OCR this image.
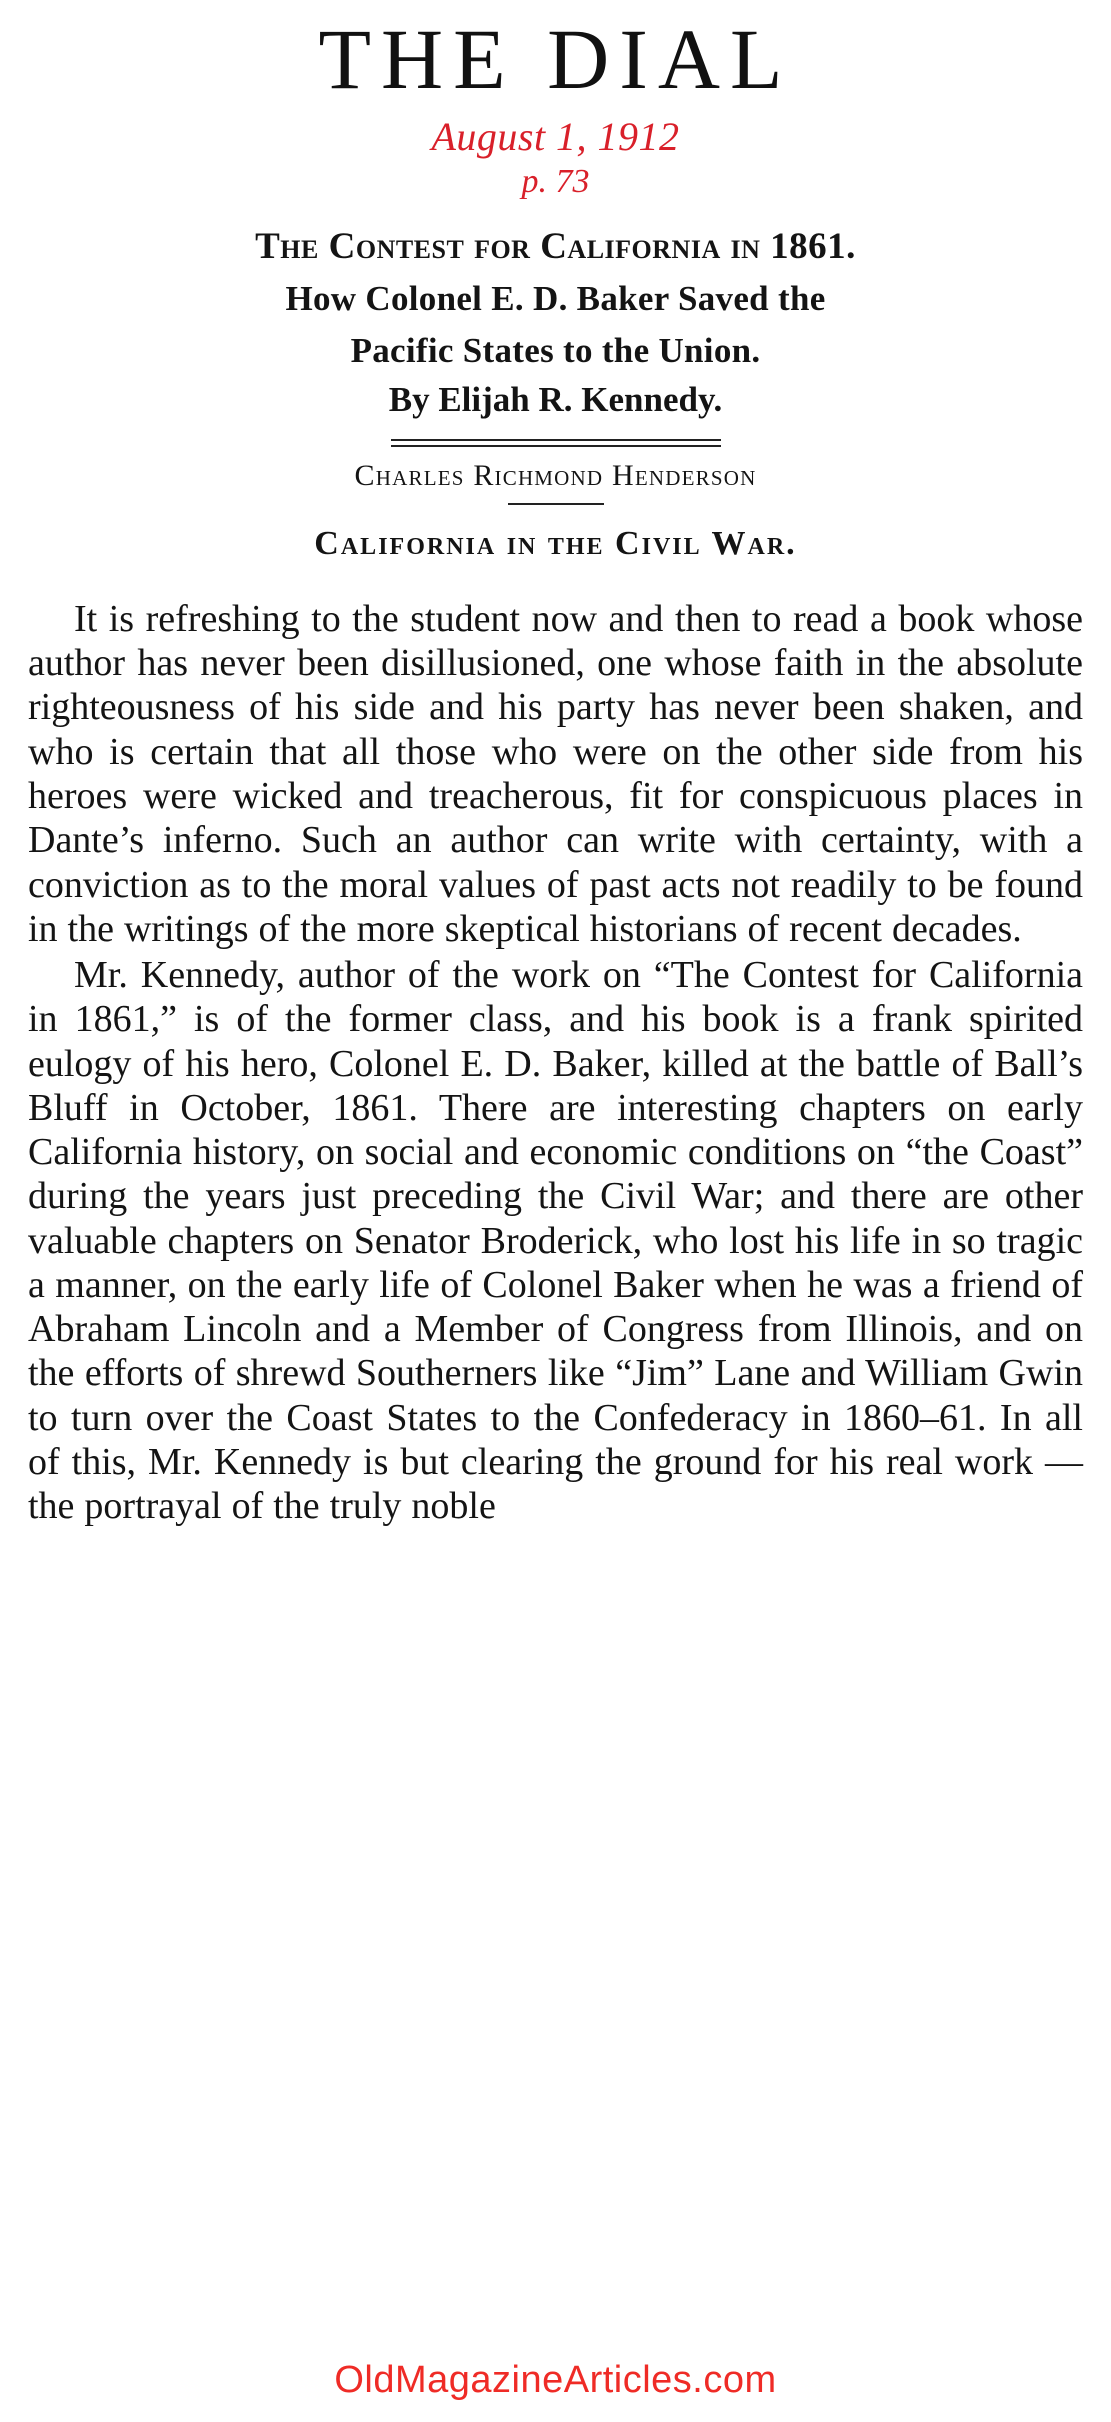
THE DIAL
August 1, 1912
p. 73
The Contest for California in 1861.
How Colonel E. D. Baker Saved the
Pacific States to the Union.
By Elijah R. Kennedy.
Charles Richmond Henderson
California in the Civil War.

It is refreshing to the student now and then to read a book whose author has never been disillusioned, one whose faith in the absolute righteousness of his side and his party has never been shaken, and who is certain that all those who were on the other side from his heroes were wicked and treacherous, fit for conspicuous places in Dante’s inferno. Such an author can write with certainty, with a conviction as to the moral values of past acts not readily to be found in the writings of the more skeptical historians of recent decades.

Mr. Kennedy, author of the work on “The Contest for California in 1861,” is of the former class, and his book is a frank spirited eulogy of his hero, Colonel E. D. Baker, killed at the battle of Ball’s Bluff in October, 1861. There are interesting chapters on early California history, on social and economic conditions on “the Coast” during the years just preceding the Civil War; and there are other valuable chapters on Senator Broderick, who lost his life in so tragic a manner, on the early life of Colonel Baker when he was a friend of Abraham Lincoln and a Member of Congress from Illinois, and on the efforts of shrewd Southerners like “Jim” Lane and William Gwin to turn over the Coast States to the Confederacy in 1860–61. In all of this, Mr. Kennedy is but clearing the ground for his real work — the portrayal of the truly noble

OldMagazineArticles.com
